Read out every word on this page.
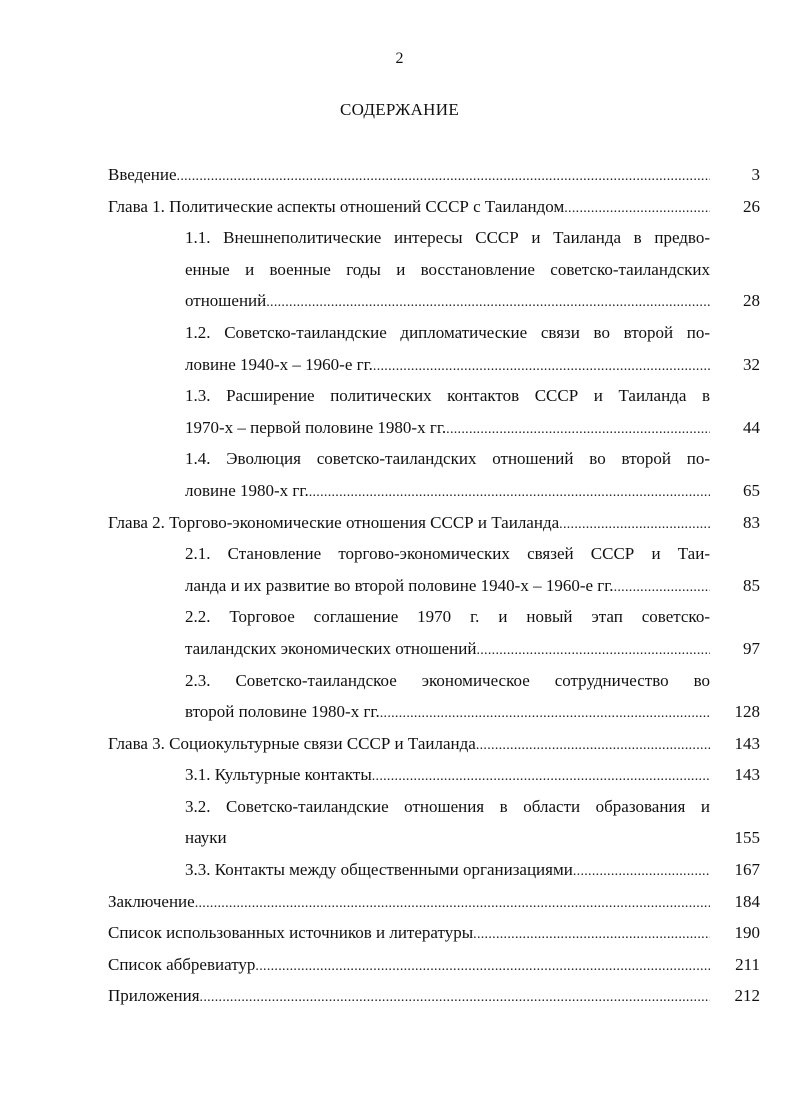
2
СОДЕРЖАНИЕ
Введение . . .	3
Глава 1. Политические аспекты отношений СССР с Таиландом . . .	26
1.1. Внешнеполитические интересы СССР и Таиланда в предво-
енные и военные годы и восстановление советско-таиландских
отношений . . .	28
1.2. Советско-таиландские дипломатические связи во второй по-
ловине 1940-х – 1960-е гг. . . .	32
1.3. Расширение политических контактов СССР и Таиланда в
1970-х – первой половине 1980-х гг. . . .	44
1.4. Эволюция советско-таиландских отношений во второй по-
ловине 1980-х гг. . . .	65
Глава 2. Торгово-экономические отношения СССР и Таиланда . . .	83
2.1. Становление торгово-экономических связей СССР и Таи-
ланда и их развитие во второй половине 1940-х – 1960-е гг. . . .	85
2.2. Торговое соглашение 1970 г. и новый этап советско-
таиландских экономических отношений . . .	97
2.3. Советско-таиландское экономическое сотрудничество во
второй половине 1980-х гг. . . .	128
Глава 3. Социокультурные связи СССР и Таиланда . . .	143
3.1. Культурные контакты . . .	143
3.2. Советско-таиландские отношения в области образования и
науки	155
3.3. Контакты между общественными организациями . . .	167
Заключение . . .	184
Список использованных источников и литературы . . .	190
Список аббревиатур . . .	211
Приложения . . .	212
